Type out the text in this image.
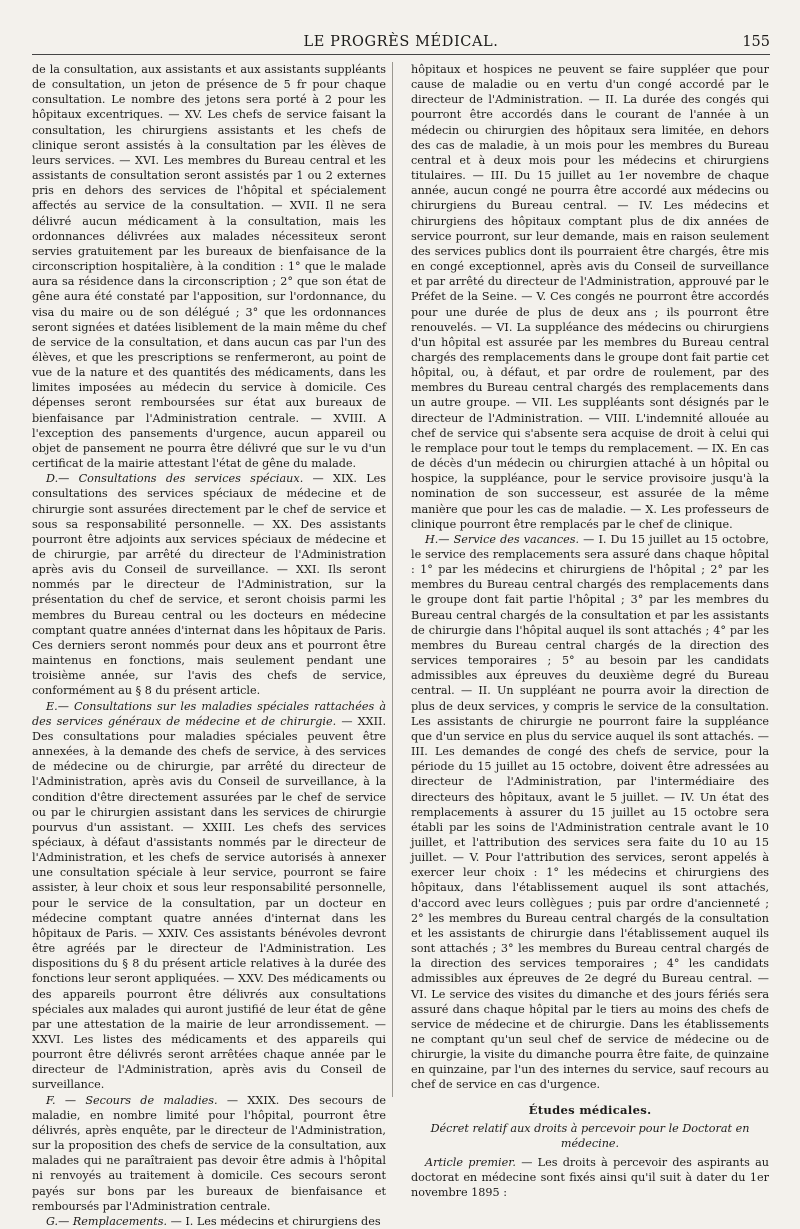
LE PROGRÈS MÉDICAL.	155

de la consultation, aux assistants et aux assistants suppléants de consultation, un jeton de présence de 5 fr pour chaque consultation. Le nombre des jetons sera porté à 2 pour les hôpitaux excentriques. — XV. Les chefs de service faisant la consultation, les chirurgiens assistants et les chefs de clinique seront assistés à la consultation par les élèves de leurs services. — XVI. Les membres du Bureau central et les assistants de consultation seront assistés par 1 ou 2 externes pris en dehors des services de l'hôpital et spécialement affectés au service de la consultation. — XVII. Il ne sera délivré aucun médicament à la consultation, mais les ordonnances délivrées aux malades nécessiteux seront servies gratuitement par les bureaux de bienfaisance de la circonscription hospitalière, à la condition : 1° que le malade aura sa résidence dans la circonscription ; 2° que son état de gêne aura été constaté par l'apposition, sur l'ordonnance, du visa du maire ou de son délégué ; 3° que les ordonnances seront signées et datées lisiblement de la main même du chef de service de la consultation, et dans aucun cas par l'un des élèves, et que les prescriptions se renfermeront, au point de vue de la nature et des quantités des médicaments, dans les limites imposées au médecin du service à domicile. Ces dépenses seront remboursées sur état aux bureaux de bienfaisance par l'Administration centrale. — XVIII. A l'exception des pansements d'urgence, aucun appareil ou objet de pansement ne pourra être délivré que sur le vu d'un certificat de la mairie attestant l'état de gêne du malade.

D.— Consultations des services spéciaux. — XIX. Les consultations des services spéciaux de médecine et de chirurgie sont assurées directement par le chef de service et sous sa responsabilité personnelle. — XX. Des assistants pourront être adjoints aux services spéciaux de médecine et de chirurgie, par arrêté du directeur de l'Administration après avis du Conseil de surveillance. — XXI. Ils seront nommés par le directeur de l'Administration, sur la présentation du chef de service, et seront choisis parmi les membres du Bureau central ou les docteurs en médecine comptant quatre années d'internat dans les hôpitaux de Paris. Ces derniers seront nommés pour deux ans et pourront être maintenus en fonctions, mais seulement pendant une troisième année, sur l'avis des chefs de service, conformément au § 8 du présent article.

E.— Consultations sur les maladies spéciales rattachées à des services généraux de médecine et de chirurgie. — XXII. Des consultations pour maladies spéciales peuvent être annexées, à la demande des chefs de service, à des services de médecine ou de chirurgie, par arrêté du directeur de l'Administration, après avis du Conseil de surveillance, à la condition d'être directement assurées par le chef de service ou par le chirurgien assistant dans les services de chirurgie pourvus d'un assistant. — XXIII. Les chefs des services spéciaux, à défaut d'assistants nommés par le directeur de l'Administration, et les chefs de service autorisés à annexer une consultation spéciale à leur service, pourront se faire assister, à leur choix et sous leur responsabilité personnelle, pour le service de la consultation, par un docteur en médecine comptant quatre années d'internat dans les hôpitaux de Paris. — XXIV. Ces assistants bénévoles devront être agréés par le directeur de l'Administration. Les dispositions du § 8 du présent article relatives à la durée des fonctions leur seront appliquées. — XXV. Des médicaments ou des appareils pourront être délivrés aux consultations spéciales aux malades qui auront justifié de leur état de gêne par une attestation de la mairie de leur arrondissement. — XXVI. Les listes des médicaments et des appareils qui pourront être délivrés seront arrêtées chaque année par le directeur de l'Administration, après avis du Conseil de surveillance.

F. — Secours de maladies. — XXIX. Des secours de maladie, en nombre limité pour l'hôpital, pourront être délivrés, après enquête, par le directeur de l'Administration, sur la proposition des chefs de service de la consultation, aux malades qui ne paraîtraient pas devoir être admis à l'hôpital ni renvoyés au traitement à domicile. Ces secours seront payés sur bons par les bureaux de bienfaisance et remboursés par l'Administration centrale.

G.— Remplacements. — I. Les médecins et chirurgiens des

hôpitaux et hospices ne peuvent se faire suppléer que pour cause de maladie ou en vertu d'un congé accordé par le directeur de l'Administration. — II. La durée des congés qui pourront être accordés dans le courant de l'année à un médecin ou chirurgien des hôpitaux sera limitée, en dehors des cas de maladie, à un mois pour les membres du Bureau central et à deux mois pour les médecins et chirurgiens titulaires. — III. Du 15 juillet au 1er novembre de chaque année, aucun congé ne pourra être accordé aux médecins ou chirurgiens du Bureau central. — IV. Les médecins et chirurgiens des hôpitaux comptant plus de dix années de service pourront, sur leur demande, mais en raison seulement des services publics dont ils pourraient être chargés, être mis en congé exceptionnel, après avis du Conseil de surveillance et par arrêté du directeur de l'Administration, approuvé par le Préfet de la Seine. — V. Ces congés ne pourront être accordés pour une durée de plus de deux ans ; ils pourront être renouvelés. — VI. La suppléance des médecins ou chirurgiens d'un hôpital est assurée par les membres du Bureau central chargés des remplacements dans le groupe dont fait partie cet hôpital, ou, à défaut, et par ordre de roulement, par des membres du Bureau central chargés des remplacements dans un autre groupe. — VII. Les suppléants sont désignés par le directeur de l'Administration. — VIII. L'indemnité allouée au chef de service qui s'absente sera acquise de droit à celui qui le remplace pour tout le temps du remplacement. — IX. En cas de décès d'un médecin ou chirurgien attaché à un hôpital ou hospice, la suppléance, pour le service provisoire jusqu'à la nomination de son successeur, est assurée de la même manière que pour les cas de maladie. — X. Les professeurs de clinique pourront être remplacés par le chef de clinique.

H.— Service des vacances. — I. Du 15 juillet au 15 octobre, le service des remplacements sera assuré dans chaque hôpital : 1° par les médecins et chirurgiens de l'hôpital ; 2° par les membres du Bureau central chargés des remplacements dans le groupe dont fait partie l'hôpital ; 3° par les membres du Bureau central chargés de la consultation et par les assistants de chirurgie dans l'hôpital auquel ils sont attachés ; 4° par les membres du Bureau central chargés de la direction des services temporaires ; 5° au besoin par les candidats admissibles aux épreuves du deuxième degré du Bureau central. — II. Un suppléant ne pourra avoir la direction de plus de deux services, y compris le service de la consultation. Les assistants de chirurgie ne pourront faire la suppléance que d'un service en plus du service auquel ils sont attachés. — III. Les demandes de congé des chefs de service, pour la période du 15 juillet au 15 octobre, doivent être adressées au directeur de l'Administration, par l'intermédiaire des directeurs des hôpitaux, avant le 5 juillet. — IV. Un état des remplacements à assurer du 15 juillet au 15 octobre sera établi par les soins de l'Administration centrale avant le 10 juillet, et l'attribution des services sera faite du 10 au 15 juillet. — V. Pour l'attribution des services, seront appelés à exercer leur choix : 1° les médecins et chirurgiens des hôpitaux, dans l'établissement auquel ils sont attachés, d'accord avec leurs collègues ; puis par ordre d'ancienneté ; 2° les membres du Bureau central chargés de la consultation et les assistants de chirurgie dans l'établissement auquel ils sont attachés ; 3° les membres du Bureau central chargés de la direction des services temporaires ; 4° les candidats admissibles aux épreuves de 2e degré du Bureau central. — VI. Le service des visites du dimanche et des jours fériés sera assuré dans chaque hôpital par le tiers au moins des chefs de service de médecine et de chirurgie. Dans les établissements ne comptant qu'un seul chef de service de médecine ou de chirurgie, la visite du dimanche pourra être faite, de quinzaine en quinzaine, par l'un des internes du service, sauf recours au chef de service en cas d'urgence.

Études médicales.

Décret relatif aux droits à percevoir pour le Doctorat en médecine.

Article premier. — Les droits à percevoir des aspirants au doctorat en médecine sont fixés ainsi qu'il suit à dater du 1er novembre 1895 :
